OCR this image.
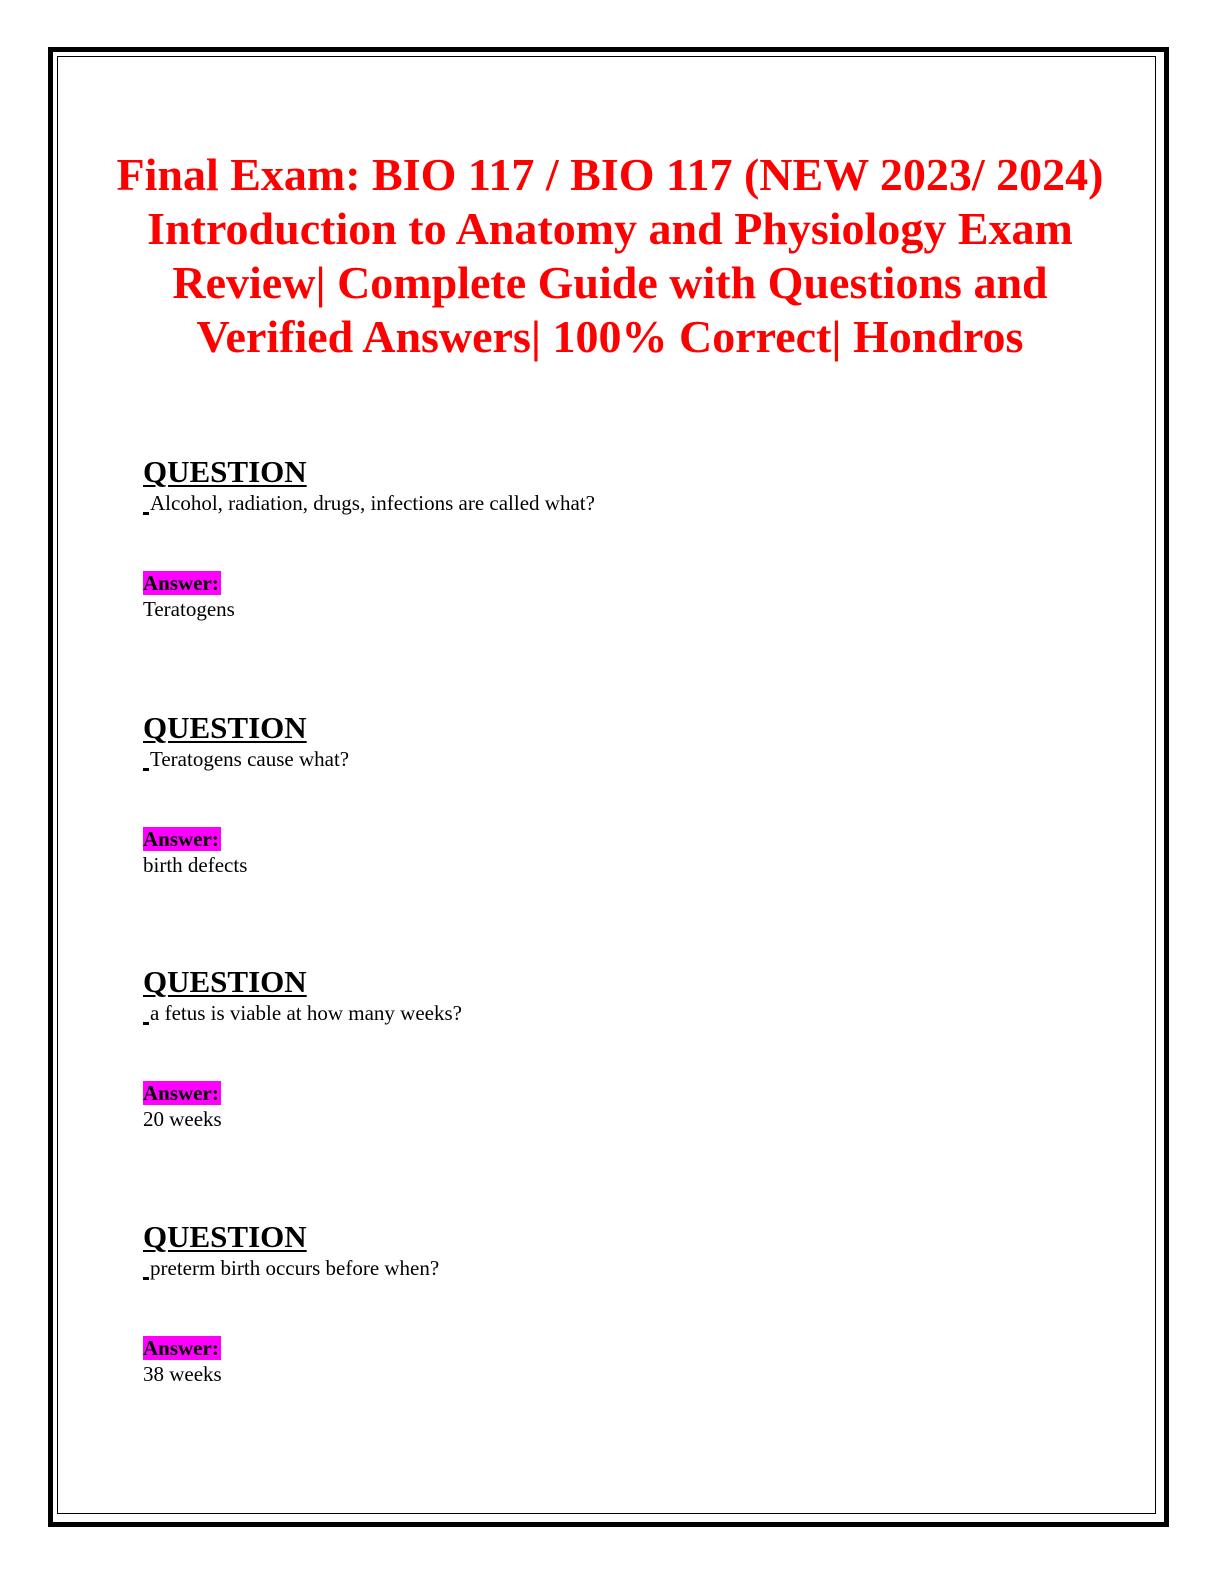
Final Exam: BIO 117 / BIO 117 (NEW 2023/ 2024) Introduction to Anatomy and Physiology Exam Review| Complete Guide with Questions and Verified Answers| 100% Correct| Hondros

QUESTION

Alcohol, radiation, drugs, infections are called what?

Answer:

Teratogens

QUESTION

Teratogens cause what?

Answer:

birth defects

QUESTION

a fetus is viable at how many weeks?

Answer:

20 weeks

QUESTION

preterm birth occurs before when?

Answer:

38 weeks
